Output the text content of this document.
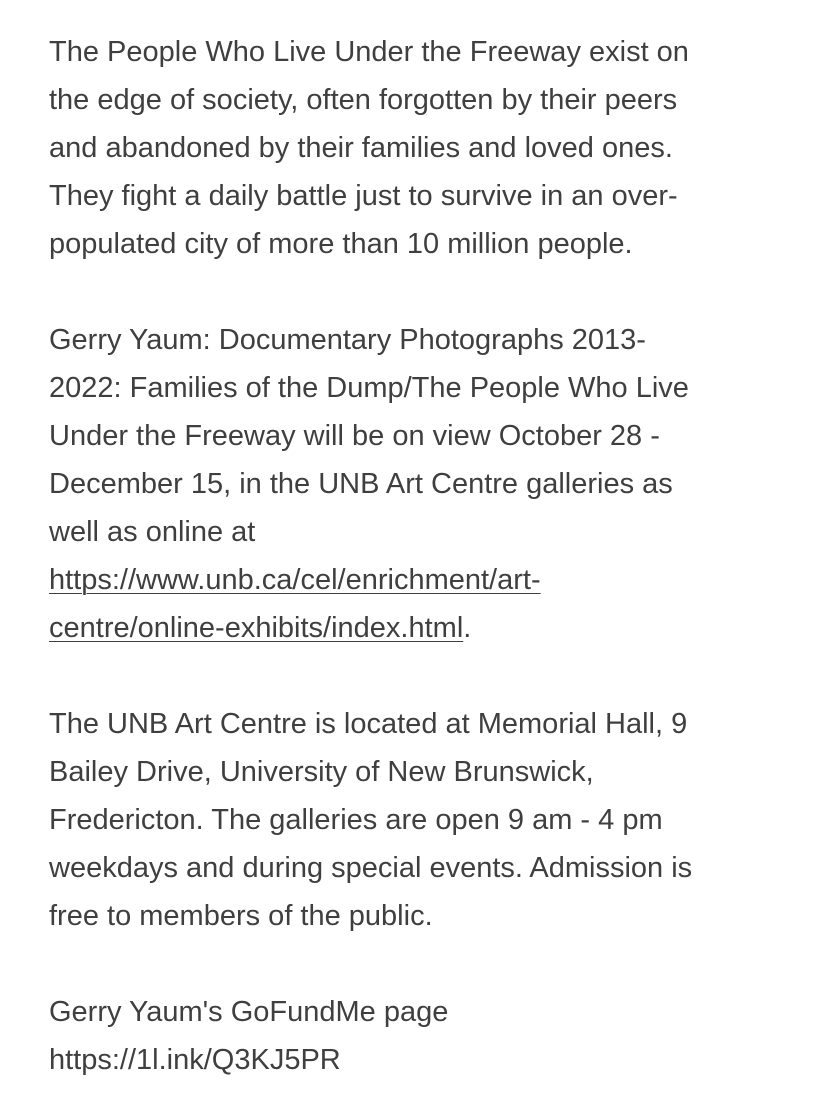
The People Who Live Under the Freeway exist on
the edge of society, often forgotten by their peers
and abandoned by their families and loved ones.
They fight a daily battle just to survive in an over-
populated city of more than 10 million people.
Gerry Yaum: Documentary Photographs 2013-
2022: Families of the Dump/The People Who Live
Under the Freeway will be on view October 28 -
December 15, in the UNB Art Centre galleries as
well as online at
https://www.unb.ca/cel/enrichment/art-
centre/online-exhibits/index.html.
The UNB Art Centre is located at Memorial Hall, 9
Bailey Drive, University of New Brunswick,
Fredericton. The galleries are open 9 am - 4 pm
weekdays and during special events. Admission is
free to members of the public.
Gerry Yaum's GoFundMe page
https://1l.ink/Q3KJ5PR
